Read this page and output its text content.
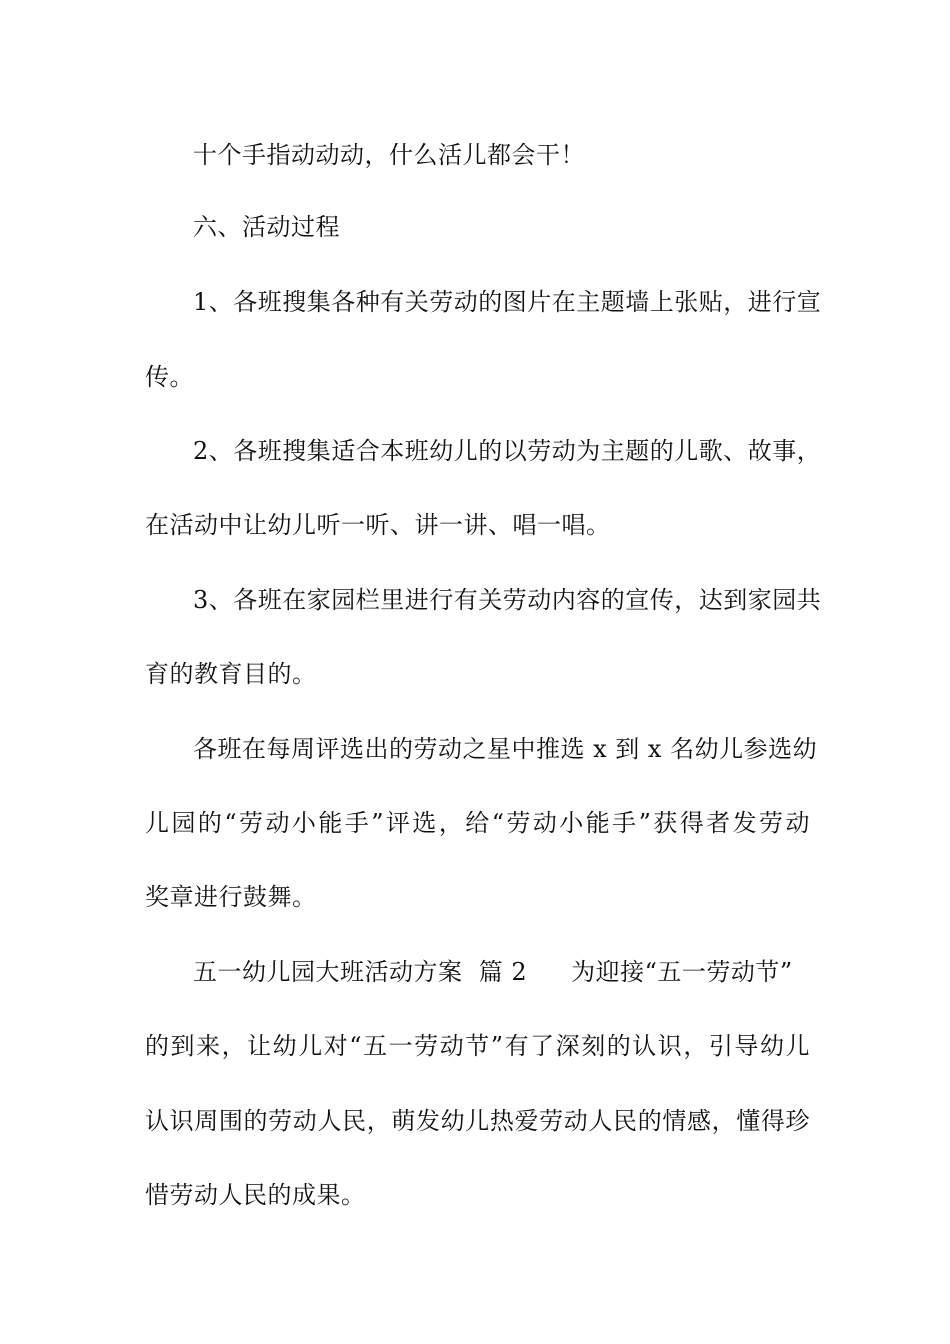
十个手指动动动，什么活儿都会干！
六、活动过程
1、各班搜集各种有关劳动的图片在主题墙上张贴，进行宣
传。
2、各班搜集适合本班幼儿的以劳动为主题的儿歌、故事，
在活动中让幼儿听一听、讲一讲、唱一唱。
3、各班在家园栏里进行有关劳动内容的宣传，达到家园共
育的教育目的。
各班在每周评选出的劳动之星中推选 x 到 x 名幼儿参选幼
儿园的“劳动小能手”评选，给“劳动小能手”获得者发劳动
奖章进行鼓舞。
五一幼儿园大班活动方案  篇 2 为迎接“五一劳动节”
的到来，让幼儿对“五一劳动节”有了深刻的认识，引导幼儿
认识周围的劳动人民，萌发幼儿热爱劳动人民的情感，懂得珍
惜劳动人民的成果。
